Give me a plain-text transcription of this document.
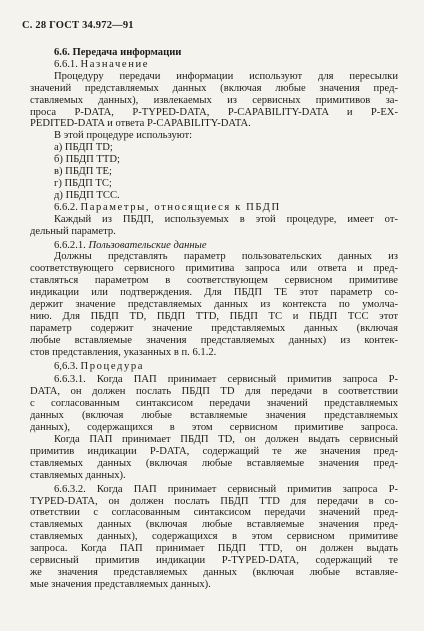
С. 28 ГОСТ 34.972—91
6.6. Передача информации
6.6.1. Назначение
Процедуру передачи информации используют для пересылки
значений представляемых данных (включая любые значения пред-
ставляемых данных), извлекаемых из сервисных примитивов за-
проса P-DATA, P-TYPED-DATA, P-CAPABILITY-DATA и P-EX-
PEDITED-DATA и ответа P-CAPABILITY-DATA.
В этой процедуре используют:
а) ПБДП TD;
б) ПБДП TTD;
в) ПБДП TE;
г) ПБДП TC;
д) ПБДП TCC.
6.6.2. Параметры, относящиеся к ПБДП
Каждый из ПБДП, используемых в этой процедуре, имеет от-
дельный параметр.
6.6.2.1. Пользовательские данные
Должны представлять параметр пользовательских данных из
соответствующего сервисного примитива запроса или ответа и пред-
ставляться параметром в соответствующем сервисном примитиве
индикации или подтверждения. Для ПБДП TE этот параметр со-
держит значение представляемых данных из контекста по умолча-
нию. Для ПБДП TD, ПБДП TTD, ПБДП TC и ПБДП TCC этот
параметр содержит значение представляемых данных (включая
любые вставляемые значения представляемых данных) из контек-
стов представления, указанных в п. 6.1.2.
6,6.3. Процедура
6.6.3.1. Когда ПАП принимает сервисный примитив запроса P-
DATA, он должен послать ПБДП TD для передачи в соответствии
с согласованным синтаксисом передачи значений представляемых
данных (включая любые вставляемые значения представляемых
данных), содержащихся в этом сервисном примитиве запроса.
Когда ПАП принимает ПБДП TD, он должен выдать сервисный
примитив индикации P-DATA, содержащий те же значения пред-
ставляемых данных (включая любые вставляемые значения пред-
ставляемых данных).
6.6.3.2. Когда ПАП принимает сервисный примитив запроса P-
TYPED-DATA, он должен послать ПБДП TTD для передачи в со-
ответствии с согласованным синтаксисом передачи значений пред-
ставляемых данных (включая любые вставляемые значения пред-
ставляемых данных), содержащихся в этом сервисном примитиве
запроса. Когда ПАП принимает ПБДП TTD, он должен выдать
сервисный примитив индикации P-TYPED-DATA, содержащий те
же значения представляемых данных (включая любые вставляе-
мые значения представляемых данных).
